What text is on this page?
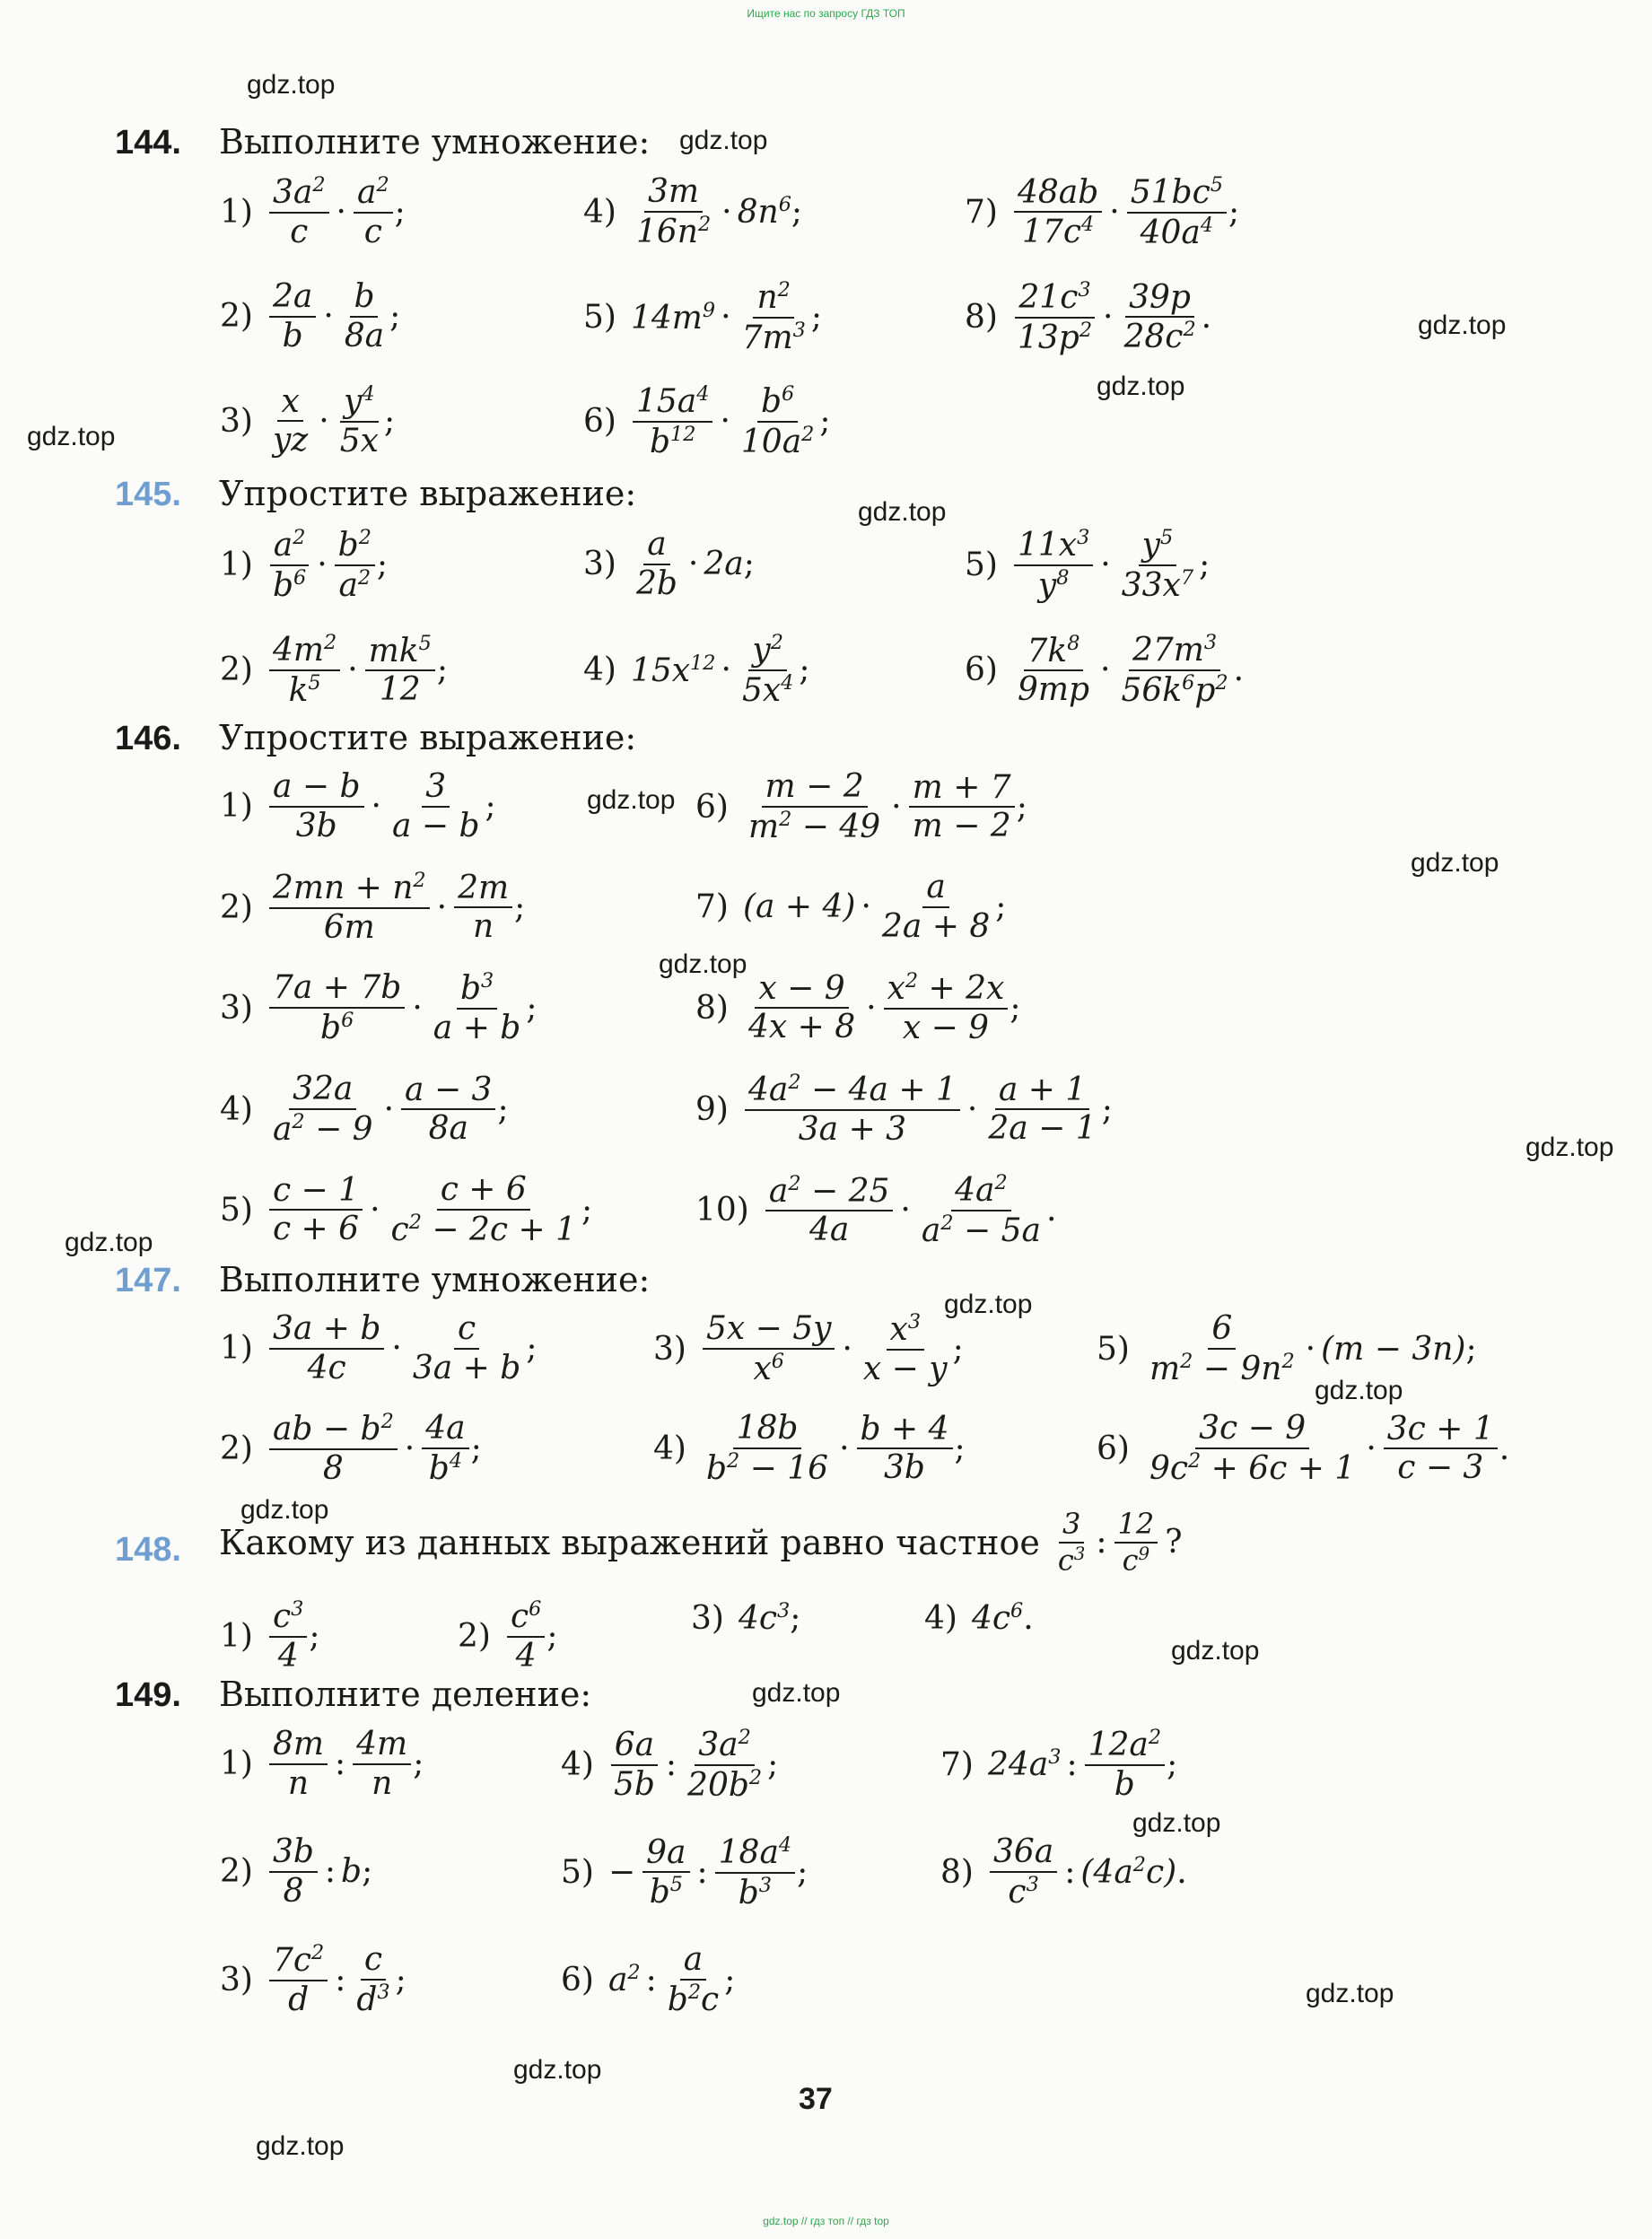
Ищите нас по запросу ГДЗ ТОП
gdz.top
gdz.top
gdz.top
gdz.top
gdz.top
gdz.top
gdz.top
gdz.top
gdz.top
gdz.top
gdz.top
gdz.top
gdz.top
gdz.top
gdz.top
gdz.top
gdz.top
gdz.top
gdz.top
gdz.top
144. Выполните умножение:
$1) \frac{3a^2}{c} \cdot \frac{a^2}{c}$ ;
$2) \frac{2a}{b} \cdot \frac{b}{8a}$ ;
$3) \frac{x}{yz} \cdot \frac{y^4}{5x}$ ;
$4) \frac{3m}{16n^2} \cdot 8n^6$ ;
5) $14m^9 \cdot \frac{n^2}{7m^3}$ ;
$6) \frac{15a^4}{b^{12}} \cdot \frac{b^6}{10a^2}$ ;
$7) \frac{48ab}{17c^4} \cdot \frac{51bc^5}{40a^4}$ ;
$8) \frac{21c^3}{13p^2} \cdot \frac{39p}{28c^2}$ .
145. Упростите выражение:
$1) \frac{a^2}{b^6} \cdot \frac{b^2}{a^2}$ ;
$2) \frac{4m^2}{k^5} \cdot \frac{mk^5}{12}$ ;
$3) \frac{a}{2b} \cdot 2a$ ;
4) $15x^{12} \cdot \frac{y^2}{5x^4}$ ;
$5) \frac{11x^3}{y^8} \cdot \frac{y^5}{33x^7}$ ;
$6) \frac{7k^8}{9mp} \cdot \frac{27m^3}{56k^6p^2}$ .
146. Упростите выражение:
$1) \frac{a - b}{3b} \cdot \frac{3}{a - b}$ ;
$2) \frac{2mn + n^2}{6m} \cdot \frac{2m}{n}$ ;
$3) \frac{7a + 7b}{b^6} \cdot \frac{b^3}{a + b}$ ;
$4) \frac{32a}{a^2 - 9} \cdot \frac{a - 3}{8a}$ ;
$5) \frac{c - 1}{c + 6} \cdot \frac{c + 6}{c^2 - 2c + 1}$ ;
$6) \frac{m - 2}{m^2 - 49} \cdot \frac{m + 7}{m - 2}$ ;
7) $(a + 4) \cdot \frac{a}{2a + 8}$ ;
$8) \frac{x - 9}{4x + 8} \cdot \frac{x^2 + 2x}{x - 9}$ ;
$9) \frac{4a^2 - 4a + 1}{3a + 3} \cdot \frac{a + 1}{2a - 1}$ ;
$10) \frac{a^2 - 25}{4a} \cdot \frac{4a^2}{a^2 - 5a}$ .
147. Выполните умножение:
$1) \frac{3a + b}{4c} \cdot \frac{c}{3a + b}$ ;
$2) \frac{ab - b^2}{8} \cdot \frac{4a}{b^4}$ ;
$3) \frac{5x - 5y}{x^6} \cdot \frac{x^3}{x - y}$ ;
$4) \frac{18b}{b^2 - 16} \cdot \frac{b + 4}{3b}$ ;
$5) \frac{6}{m^2 - 9n^2} \cdot (m - 3n)$ ;
$6) \frac{3c - 9}{9c^2 + 6c + 1} \cdot \frac{3c + 1}{c - 3}$ .
148. Какому из данных выражений равно частное $\frac{3}{c^3}$ : $\frac{12}{c^9}$ ?
$1) \frac{c^3}{4}$ ;	$2) \frac{c^6}{4}$ ;	3) $4c^3$ ;	4) $4c^6$ .
149. Выполните деление:
$1) \frac{8m}{n}$ : $\frac{4m}{n}$ ;
$2) \frac{3b}{8}$ : b ;
$3) \frac{7c^2}{d}$ : $\frac{c}{d^3}$ ;
$4) \frac{6a}{5b}$ : $\frac{3a^2}{20b^2}$ ;
$5) - \frac{9a}{b^5}$ : $\frac{18a^4}{b^3}$ ;
6) $a^2$ : $\frac{a}{b^2c}$ ;
7) $24a^3$ : $\frac{12a^2}{b}$ ;
$8) \frac{36a}{c^3}$ : $(4a^2c)$ .
37
gdz.top // гдз топ // гдз top
